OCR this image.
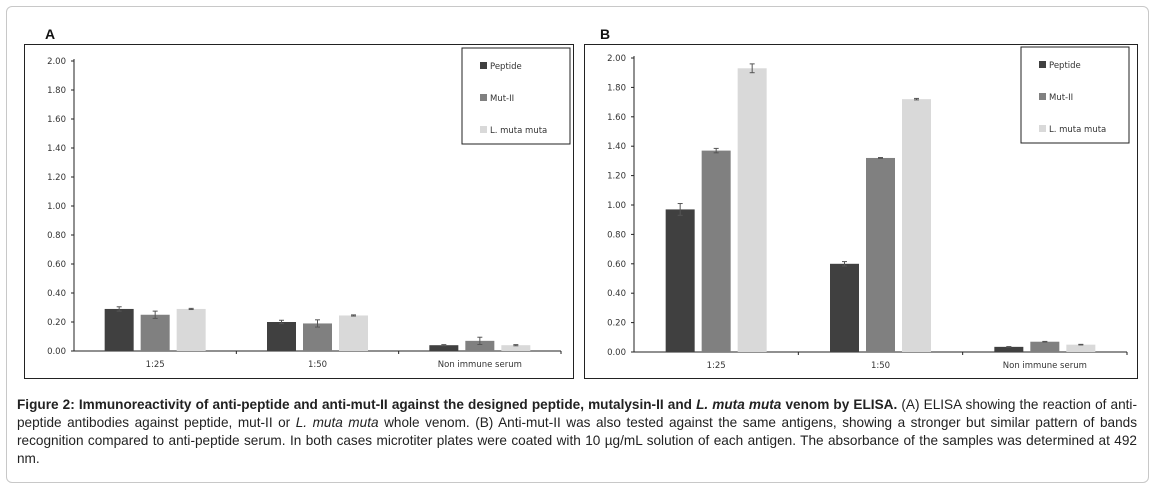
A	B
0.00
0.20
0.40
0.60
0.80
1.00
1.20
1.40
1.60
1.80
2.00
1:25	1:50	Non immune serum
Peptide
Mut-II
L. muta muta
0.00
0.20
0.40
0.60
0.80
1.00
1.20
1.40
1.60
1.80
2.00
1:25	1:50	Non immune serum
Peptide
Mut-II
L. muta muta
Figure 2: Immunoreactivity of anti-peptide and anti-mut-II against the designed peptide, mutalysin-II and L. muta muta venom by ELISA. (A) ELISA showing the reaction of anti-peptide antibodies against peptide, mut-II or L. muta muta whole venom. (B) Anti-mut-II was also tested against the same antigens, showing a stronger but similar pattern of bands recognition compared to anti-peptide serum. In both cases microtiter plates were coated with 10 µg/mL solution of each antigen. The absorbance of the samples was determined at 492 nm.
